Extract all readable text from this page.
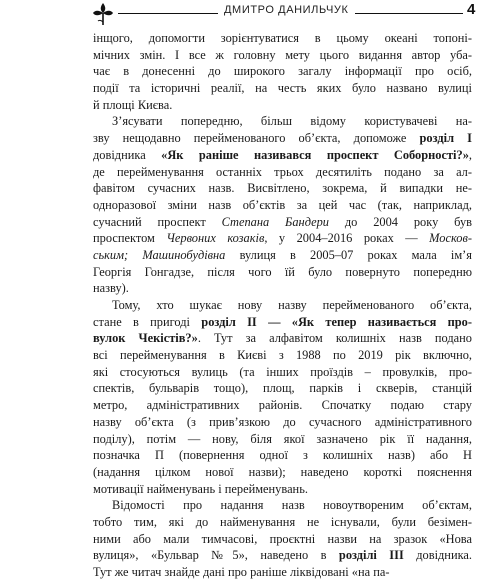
ДМИТРО ДАНИЛЬЧУК	4
інщого, допомогти зорієнтуватися в цьому океані топоні-
мічних змін. І все ж головну мету цього видання автор уба-
чає в донесенні до широкого загалу інформації про осіб,
події та історичні реалії, на честь яких було названо вулиці
й площі Києва.
З’ясувати попередню, більш відому користувачеві на-
зву нещодавно перейменованого об’єкта, допоможе розділ І
довідника «Як раніше називався проспект Соборності?»,
де перейменування останніх трьох десятиліть подано за ал-
фавітом сучасних назв. Висвітлено, зокрема, й випадки не-
одноразової зміни назв об’єктів за цей час (так, наприклад,
сучасний проспект Степана Бандери до 2004 року був
проспектом Червоних козаків, у 2004–2016 роках — Москов-
ським; Машинобудівна вулиця в 2005–07 роках мала ім’я
Георгія Гонгадзе, після чого їй було повернуто попередню
назву).
Тому, хто шукає нову назву перейменованого об’єкта,
стане в пригоді розділ ІІ — «Як тепер називається про-
вулок Чекістів?». Тут за алфавітом колишніх назв подано
всі перейменування в Києві з 1988 по 2019 рік включно,
які стосуються вулиць (та інших проїздів – провулків, про-
спектів, бульварів тощо), площ, парків і скверів, станцій
метро, адміністративних районів. Спочатку подаю стару
назву об’єкта (з прив’язкою до сучасного адміністративного
поділу), потім — нову, біля якої зазначено рік її надання,
позначка П (повернення одної з колишніх назв) або Н
(надання цілком нової назви); наведено короткі пояснення
мотивації найменувань і перейменувань.
Відомості про надання назв новоутвореним об’єктам,
тобто тим, які до найменування не існували, були безімен-
ними або мали тимчасові, проєктні назви на зразок «Нова
вулиця», «Бульвар №5», наведено в розділі ІІІ довідника.
Тут же читач знайде дані про раніше ліквідовані «на па-
